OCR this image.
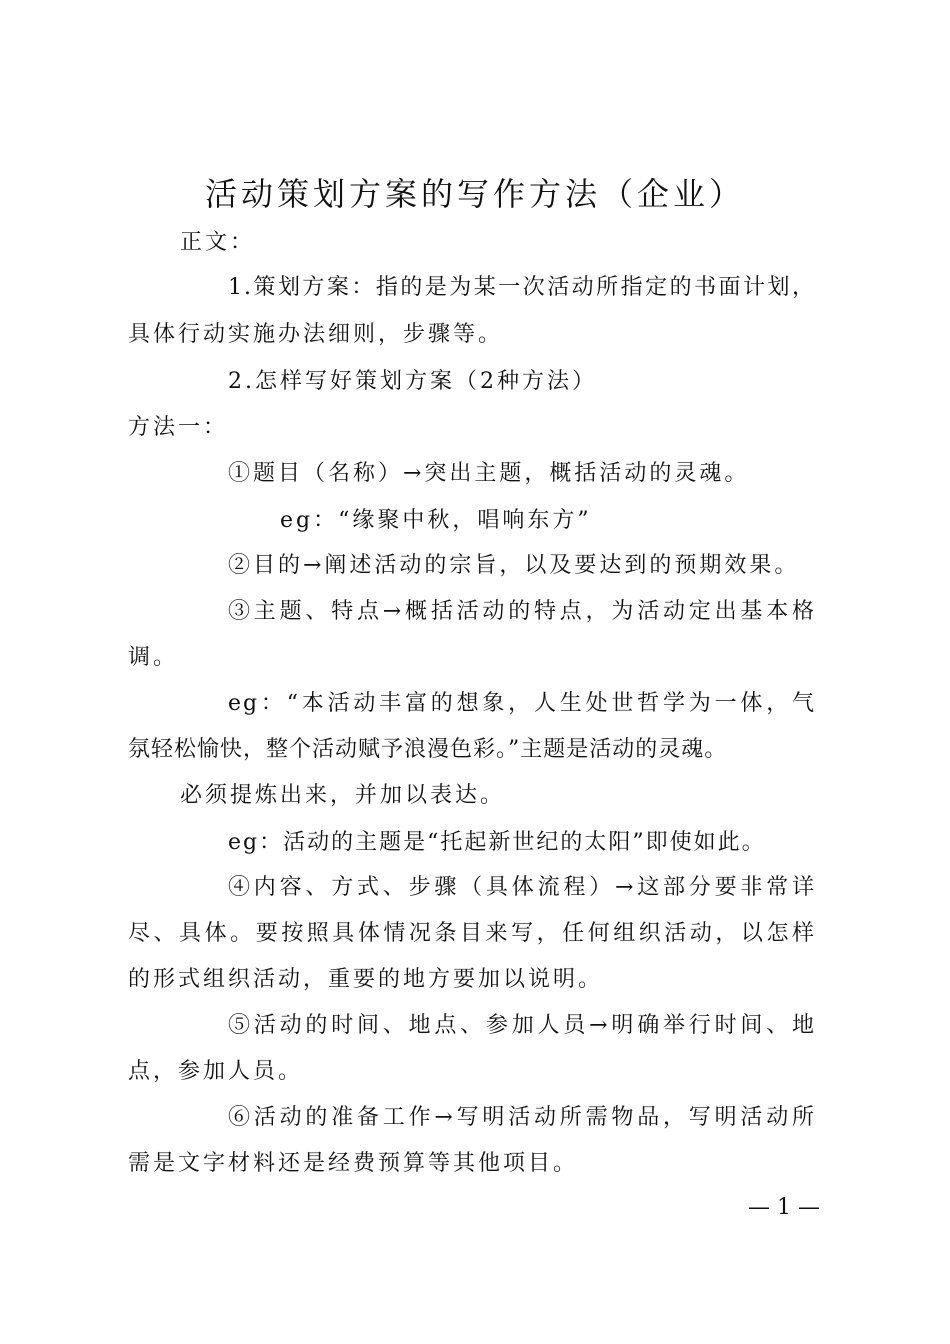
活动策划方案的写作方法（企业）
正文：
1.策划方案：指的是为某一次活动所指定的书面计划，
具体行动实施办法细则，步骤等。
2.怎样写好策划方案（2种方法）
方法一：
①题目（名称）→突出主题，概括活动的灵魂。
eg：“缘聚中秋，唱响东方”
②目的→阐述活动的宗旨，以及要达到的预期效果。
③主题、特点→概括活动的特点，为活动定出基本格
调。
eg：“本活动丰富的想象，人生处世哲学为一体，气
氛轻松愉快，整个活动赋予浪漫色彩。”主题是活动的灵魂。
必须提炼出来，并加以表达。
eg：活动的主题是“托起新世纪的太阳”即使如此。
④内容、方式、步骤（具体流程）→这部分要非常详
尽、具体。要按照具体情况条目来写，任何组织活动，以怎样
的形式组织活动，重要的地方要加以说明。
⑤活动的时间、地点、参加人员→明确举行时间、地
点，参加人员。
⑥活动的准备工作→写明活动所需物品，写明活动所
需是文字材料还是经费预算等其他项目。
— 1 —
